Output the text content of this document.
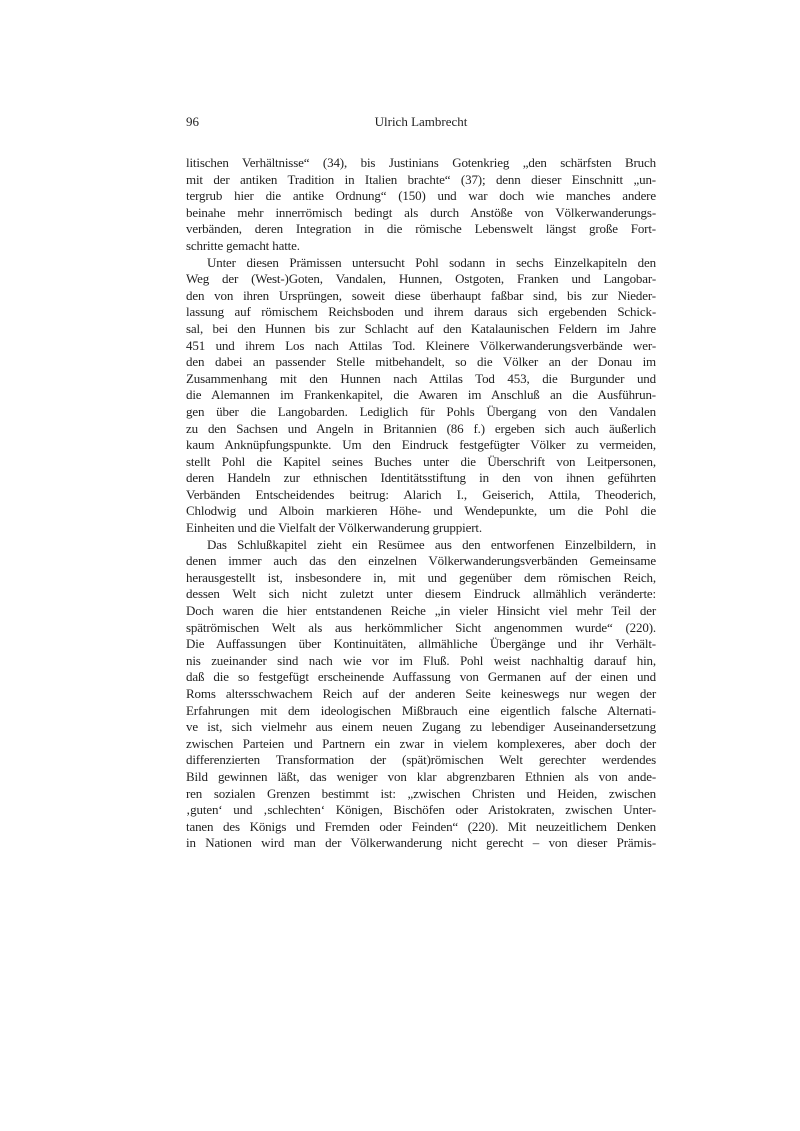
96	Ulrich Lambrecht

litischen Verhältnisse“ (34), bis Justinians Gotenkrieg „den schärfsten Bruch
mit der antiken Tradition in Italien brachte“ (37); denn dieser Einschnitt „un-
tergrub hier die antike Ordnung“ (150) und war doch wie manches andere
beinahe mehr innerrömisch bedingt als durch Anstöße von Völkerwanderungs-
verbänden, deren Integration in die römische Lebenswelt längst große Fort-
schritte gemacht hatte.

Unter diesen Prämissen untersucht Pohl sodann in sechs Einzelkapiteln den
Weg der (West-)Goten, Vandalen, Hunnen, Ostgoten, Franken und Langobar-
den von ihren Ursprüngen, soweit diese überhaupt faßbar sind, bis zur Nieder-
lassung auf römischem Reichsboden und ihrem daraus sich ergebenden Schick-
sal, bei den Hunnen bis zur Schlacht auf den Katalaunischen Feldern im Jahre
451 und ihrem Los nach Attilas Tod. Kleinere Völkerwanderungsverbände wer-
den dabei an passender Stelle mitbehandelt, so die Völker an der Donau im
Zusammenhang mit den Hunnen nach Attilas Tod 453, die Burgunder und
die Alemannen im Frankenkapitel, die Awaren im Anschluß an die Ausführun-
gen über die Langobarden. Lediglich für Pohls Übergang von den Vandalen
zu den Sachsen und Angeln in Britannien (86 f.) ergeben sich auch äußerlich
kaum Anknüpfungspunkte. Um den Eindruck festgefügter Völker zu vermeiden,
stellt Pohl die Kapitel seines Buches unter die Überschrift von Leitpersonen,
deren Handeln zur ethnischen Identitätsstiftung in den von ihnen geführten
Verbänden Entscheidendes beitrug: Alarich I., Geiserich, Attila, Theoderich,
Chlodwig und Alboin markieren Höhe- und Wendepunkte, um die Pohl die
Einheiten und die Vielfalt der Völkerwanderung gruppiert.

Das Schlußkapitel zieht ein Resümee aus den entworfenen Einzelbildern, in
denen immer auch das den einzelnen Völkerwanderungsverbänden Gemeinsame
herausgestellt ist, insbesondere in, mit und gegenüber dem römischen Reich,
dessen Welt sich nicht zuletzt unter diesem Eindruck allmählich veränderte:
Doch waren die hier entstandenen Reiche „in vieler Hinsicht viel mehr Teil der
spätrömischen Welt als aus herkömmlicher Sicht angenommen wurde“ (220).
Die Auffassungen über Kontinuitäten, allmähliche Übergänge und ihr Verhält-
nis zueinander sind nach wie vor im Fluß. Pohl weist nachhaltig darauf hin,
daß die so festgefügt erscheinende Auffassung von Germanen auf der einen und
Roms altersschwachem Reich auf der anderen Seite keineswegs nur wegen der
Erfahrungen mit dem ideologischen Mißbrauch eine eigentlich falsche Alternati-
ve ist, sich vielmehr aus einem neuen Zugang zu lebendiger Auseinandersetzung
zwischen Parteien und Partnern ein zwar in vielem komplexeres, aber doch der
differenzierten Transformation der (spät)römischen Welt gerechter werdendes
Bild gewinnen läßt, das weniger von klar abgrenzbaren Ethnien als von ande-
ren sozialen Grenzen bestimmt ist: „zwischen Christen und Heiden, zwischen
‚guten‘ und ‚schlechten‘ Königen, Bischöfen oder Aristokraten, zwischen Unter-
tanen des Königs und Fremden oder Feinden“ (220). Mit neuzeitlichem Denken
in Nationen wird man der Völkerwanderung nicht gerecht – von dieser Prämis-
